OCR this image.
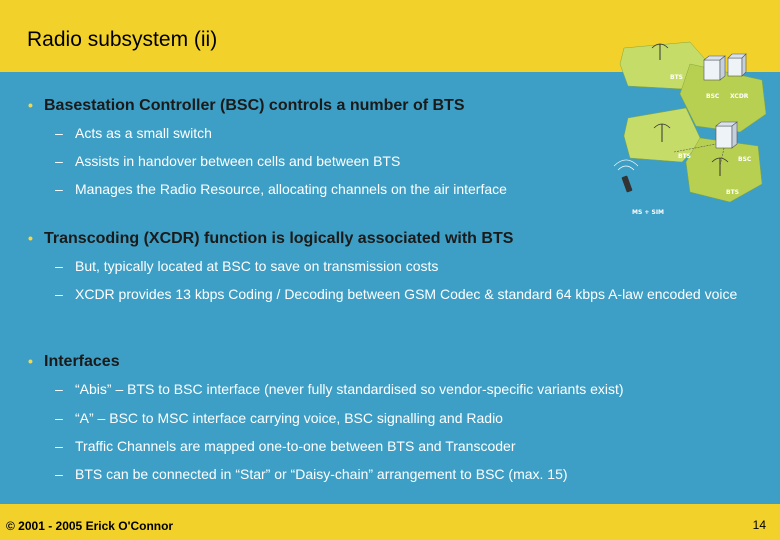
Radio subsystem (ii)
• Basestation Controller (BSC) controls a number of BTS
– Acts as a small switch
– Assists in handover between cells and between BTS
– Manages the Radio Resource, allocating channels on the air interface
• Transcoding (XCDR) function is logically associated with BTS
– But, typically located at BSC to save on transmission costs
– XCDR provides 13 kbps Coding / Decoding between GSM Codec & standard 64 kbps A-law encoded voice
• Interfaces
– “Abis” – BTS to BSC interface (never fully standardised so vendor-specific variants exist)
– “A” – BSC to MSC interface carrying voice, BSC signalling and Radio
– Traffic Channels are mapped one-to-one between BTS and Transcoder
– BTS can be connected in “Star” or “Daisy-chain” arrangement to BSC (max. 15)
BTS
BSC XCDR
BTS	BSC
BTS
MS + SIM
© 2001 - 2005 Erick O'Connor	14
